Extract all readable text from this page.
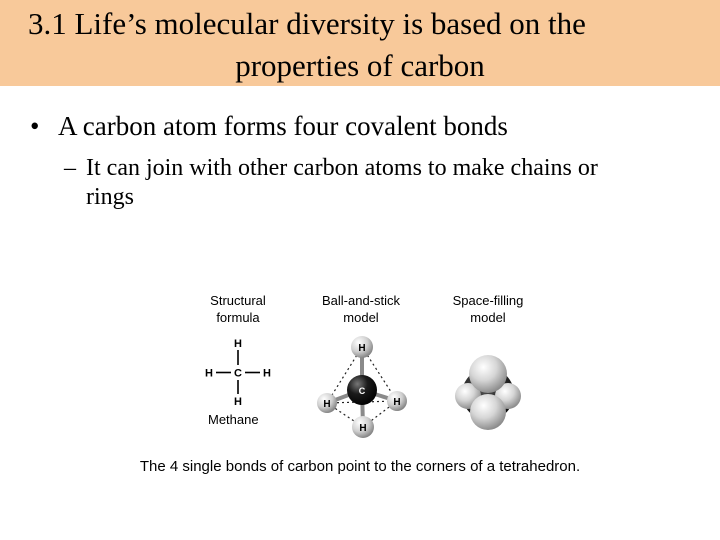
3.1 Life’s molecular diversity is based on the
properties of carbon
• A carbon atom forms four covalent bonds
– It can join with other carbon atoms to make chains or
rings
Structural
formula
Ball-and-stick
model
Space-filling
model
H
H C H
H
Methane
H
H	H
H
C
The 4 single bonds of carbon point to the corners of a tetrahedron.
